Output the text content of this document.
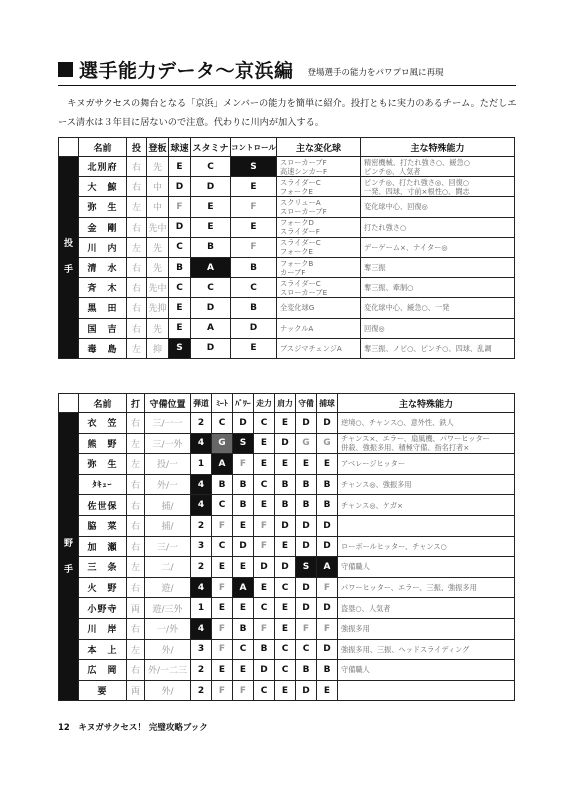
選手能力データ〜京浜編 登場選手の能力をパワプロ風に再現
キヌガサクセスの舞台となる「京浜」メンバーの能力を簡単に紹介。投打ともに実力のあるチーム。ただしエース清水は３年目に居ないので注意。代わりに川内が加入する。
	名前	投	登板	球速	スタミナ	コントロール	主な変化球	主な特殊能力

投
手	北別府	右	先	E	C	S	スローカーブF
高速シンカーF	精密機械、打たれ強さ○、緩急○
ピンチ◎、人気者
	大　鯨	右	中	D	D	E	スライダーC
フォークE	ピンチ◎、打たれ強さ◎、回復○
一発、四球、寸前×根性○、闘志
	弥　生	左	中	F	E	F	スクリューA
スローカーブF	変化球中心、回復◎
	金　剛	右	先中	D	E	E	フォークD
スライダーF	打たれ強さ○
	川　内	左	先	C	B	F	スライダーC
フォークE	デーゲーム×、ナイター◎
	清　水	右	先	B	A	B	フォークB
カーブF	奪三振
	斉　木	右	先中	C	C	C	スライダーC
スローカーブE	奪三振、牽制○
	黒　田	右	先抑	E	D	B	全変化球G	変化球中心、緩急○、一発
	国　吉	右	先	E	A	D	ナックルA	回復◎
	毒　島	左	抑	S	D	E	ブスジマチェンジA	奪三振、ノビ○、ピンチ○、四球、乱調
	名前	打	守備位置	弾道	ﾐｰﾄ	ﾊﾟﾜｰ	走力	肩力	守備	捕球	主な特殊能力

野
手	衣　笠	右	三/一一	2	C	D	C	E	D	D	逆境○、チャンス○、意外性、鉄人
	熊　野	左	三/一外	4	G	S	E	D	G	G	チャンス×、エラー、扇風機、パワーヒッター
併殺、強振多用、積極守備、指名打者×
	弥　生	左	投/一	1	A	F	E	E	E	E	アベレージヒッター
	ﾀｷｭｰ	右	外/一	4	B	B	C	B	B	B	チャンス◎、強振多用
	佐世保	右	捕/	4	C	B	E	B	B	B	チャンス◎、ケガ×
	脇　菜	右	捕/	2	F	E	F	D	D	D	
	加　瀬	右	三/一	3	C	D	F	E	D	D	ローボールヒッター、チャンス○
	三　条	左	二/	2	E	E	D	D	S	A	守備職人
	火　野	右	遊/	4	F	A	E	C	D	F	パワーヒッター、エラー、三振、強振多用
	小野寺	両	遊/三外	1	E	E	C	E	D	D	盗塁○、人気者
	川　岸	右	一/外	4	F	B	F	E	F	F	強振多用
	本　上	左	外/	3	F	C	B	C	C	D	強振多用、三振、ヘッドスライディング
	広　岡	右	外/一二三	2	E	E	D	C	B	B	守備職人
	要	両	外/	2	F	F	C	E	D	E	
12　キヌガサクセス！ 完璧攻略ブック
